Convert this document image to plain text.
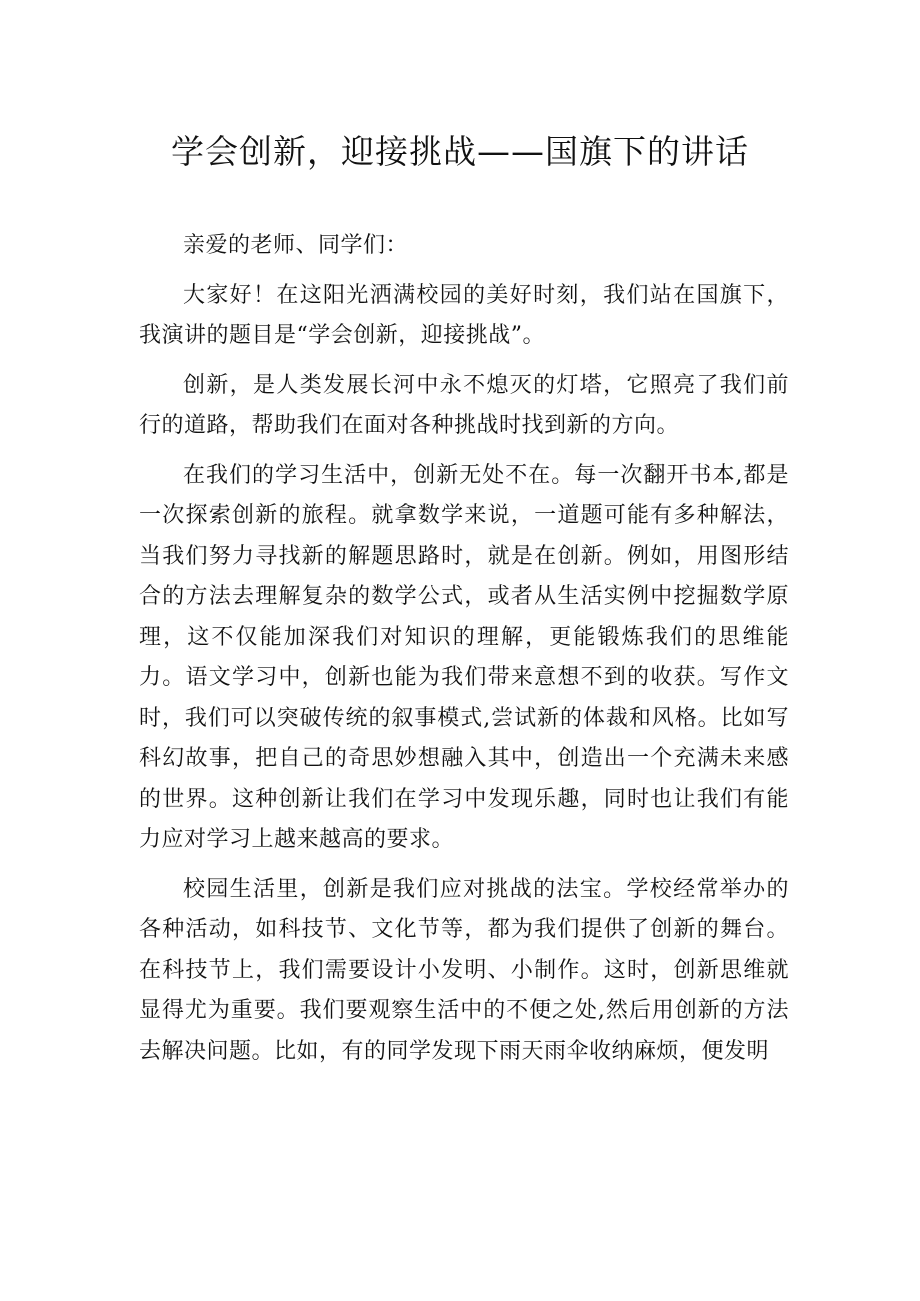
学会创新，迎接挑战——国旗下的讲话

亲爱的老师、同学们：

大家好！在这阳光洒满校园的美好时刻，我们站在国旗下，我演讲的题目是“学会创新，迎接挑战”。

创新，是人类发展长河中永不熄灭的灯塔，它照亮了我们前行的道路，帮助我们在面对各种挑战时找到新的方向。

在我们的学习生活中，创新无处不在。每一次翻开书本,都是一次探索创新的旅程。就拿数学来说，一道题可能有多种解法，当我们努力寻找新的解题思路时，就是在创新。例如，用图形结合的方法去理解复杂的数学公式，或者从生活实例中挖掘数学原理，这不仅能加深我们对知识的理解，更能锻炼我们的思维能力。语文学习中，创新也能为我们带来意想不到的收获。写作文时，我们可以突破传统的叙事模式,尝试新的体裁和风格。比如写科幻故事，把自己的奇思妙想融入其中，创造出一个充满未来感的世界。这种创新让我们在学习中发现乐趣，同时也让我们有能力应对学习上越来越高的要求。

校园生活里，创新是我们应对挑战的法宝。学校经常举办的各种活动，如科技节、文化节等，都为我们提供了创新的舞台。在科技节上，我们需要设计小发明、小制作。这时，创新思维就显得尤为重要。我们要观察生活中的不便之处,然后用创新的方法去解决问题。比如，有的同学发现下雨天雨伞收纳麻烦，便发明
